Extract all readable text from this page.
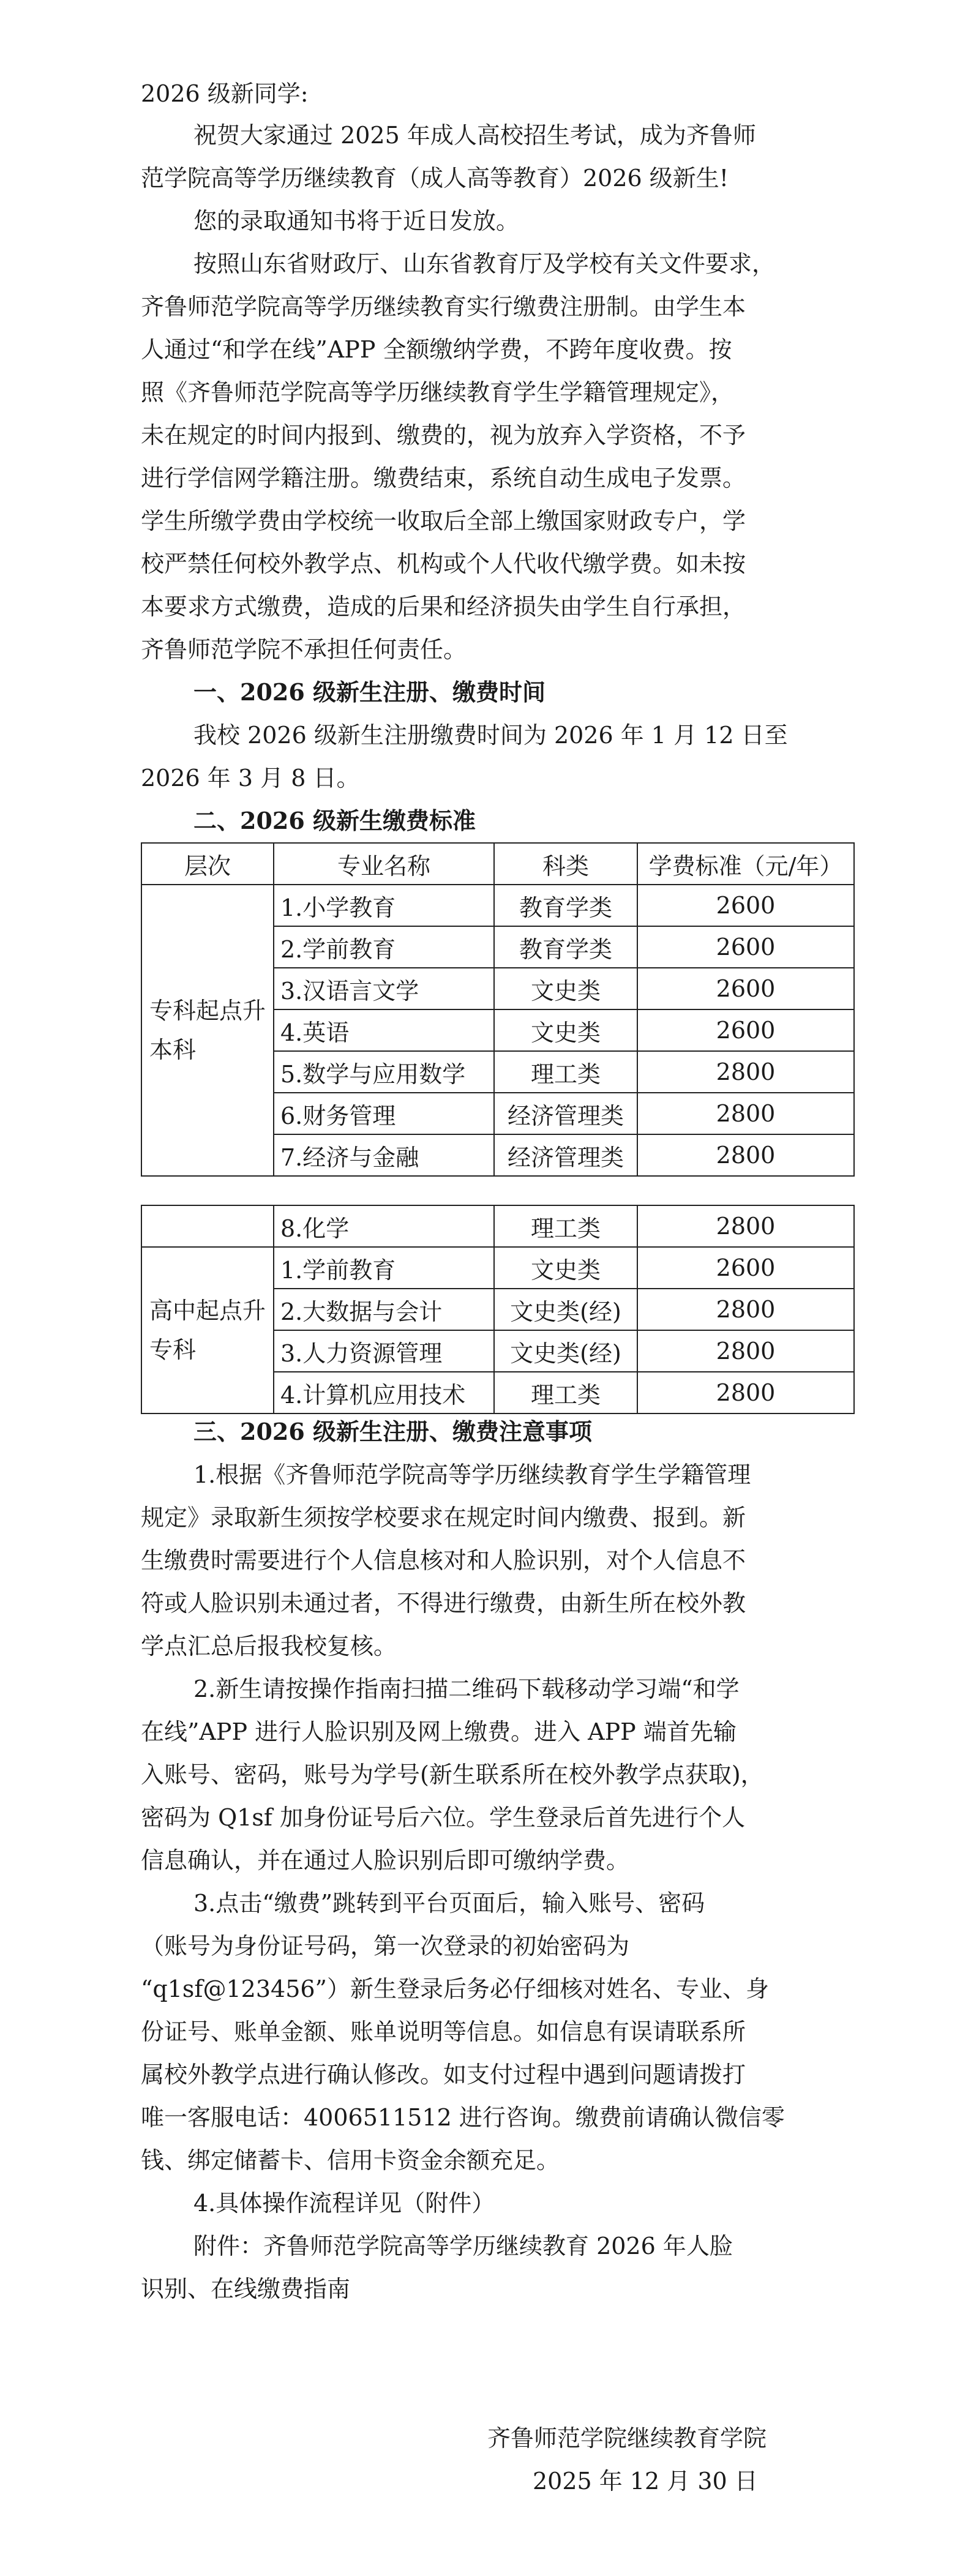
2026 级新同学:
祝贺大家通过 2025 年成人高校招生考试，成为齐鲁师
范学院高等学历继续教育（成人高等教育）2026 级新生!
您的录取通知书将于近日发放。
按照山东省财政厅、山东省教育厅及学校有关文件要求，
齐鲁师范学院高等学历继续教育实行缴费注册制。由学生本
人通过“和学在线”APP 全额缴纳学费，不跨年度收费。按
照《齐鲁师范学院高等学历继续教育学生学籍管理规定》，
未在规定的时间内报到、缴费的，视为放弃入学资格，不予
进行学信网学籍注册。缴费结束，系统自动生成电子发票。
学生所缴学费由学校统一收取后全部上缴国家财政专户，学
校严禁任何校外教学点、机构或个人代收代缴学费。如未按
本要求方式缴费，造成的后果和经济损失由学生自行承担，
齐鲁师范学院不承担任何责任。
一、2026 级新生注册、缴费时间
我校 2026 级新生注册缴费时间为 2026 年 1 月 12 日至
2026 年 3 月 8 日。
二、2026 级新生缴费标准
层次	专业名称	科类	学费标准（元/年）
专科起点升本科	1.小学教育	教育学类	2600
	2.学前教育	教育学类	2600
	3.汉语言文学	文史类	2600
	4.英语	文史类	2600
	5.数学与应用数学	理工类	2800
	6.财务管理	经济管理类	2800
	7.经济与金融	经济管理类	2800
	8.化学	理工类	2800
高中起点升专科	1.学前教育	文史类	2600
	2.大数据与会计	文史类(经)	2800
	3.人力资源管理	文史类(经)	2800
	4.计算机应用技术	理工类	2800
三、2026 级新生注册、缴费注意事项
1.根据《齐鲁师范学院高等学历继续教育学生学籍管理
规定》录取新生须按学校要求在规定时间内缴费、报到。新
生缴费时需要进行个人信息核对和人脸识别，对个人信息不
符或人脸识别未通过者，不得进行缴费，由新生所在校外教
学点汇总后报我校复核。
2.新生请按操作指南扫描二维码下载移动学习端“和学
在线”APP 进行人脸识别及网上缴费。进入 APP 端首先输
入账号、密码，账号为学号(新生联系所在校外教学点获取)，
密码为 Q1sf 加身份证号后六位。学生登录后首先进行个人
信息确认，并在通过人脸识别后即可缴纳学费。
3.点击“缴费”跳转到平台页面后，输入账号、密码
（账号为身份证号码，第一次登录的初始密码为
“q1sf@123456”）新生登录后务必仔细核对姓名、专业、身
份证号、账单金额、账单说明等信息。如信息有误请联系所
属校外教学点进行确认修改。如支付过程中遇到问题请拨打
唯一客服电话：4006511512 进行咨询。缴费前请确认微信零
钱、绑定储蓄卡、信用卡资金余额充足。
4.具体操作流程详见（附件）
附件：齐鲁师范学院高等学历继续教育 2026 年人脸
识别、在线缴费指南
齐鲁师范学院继续教育学院
2025 年 12 月 30 日
